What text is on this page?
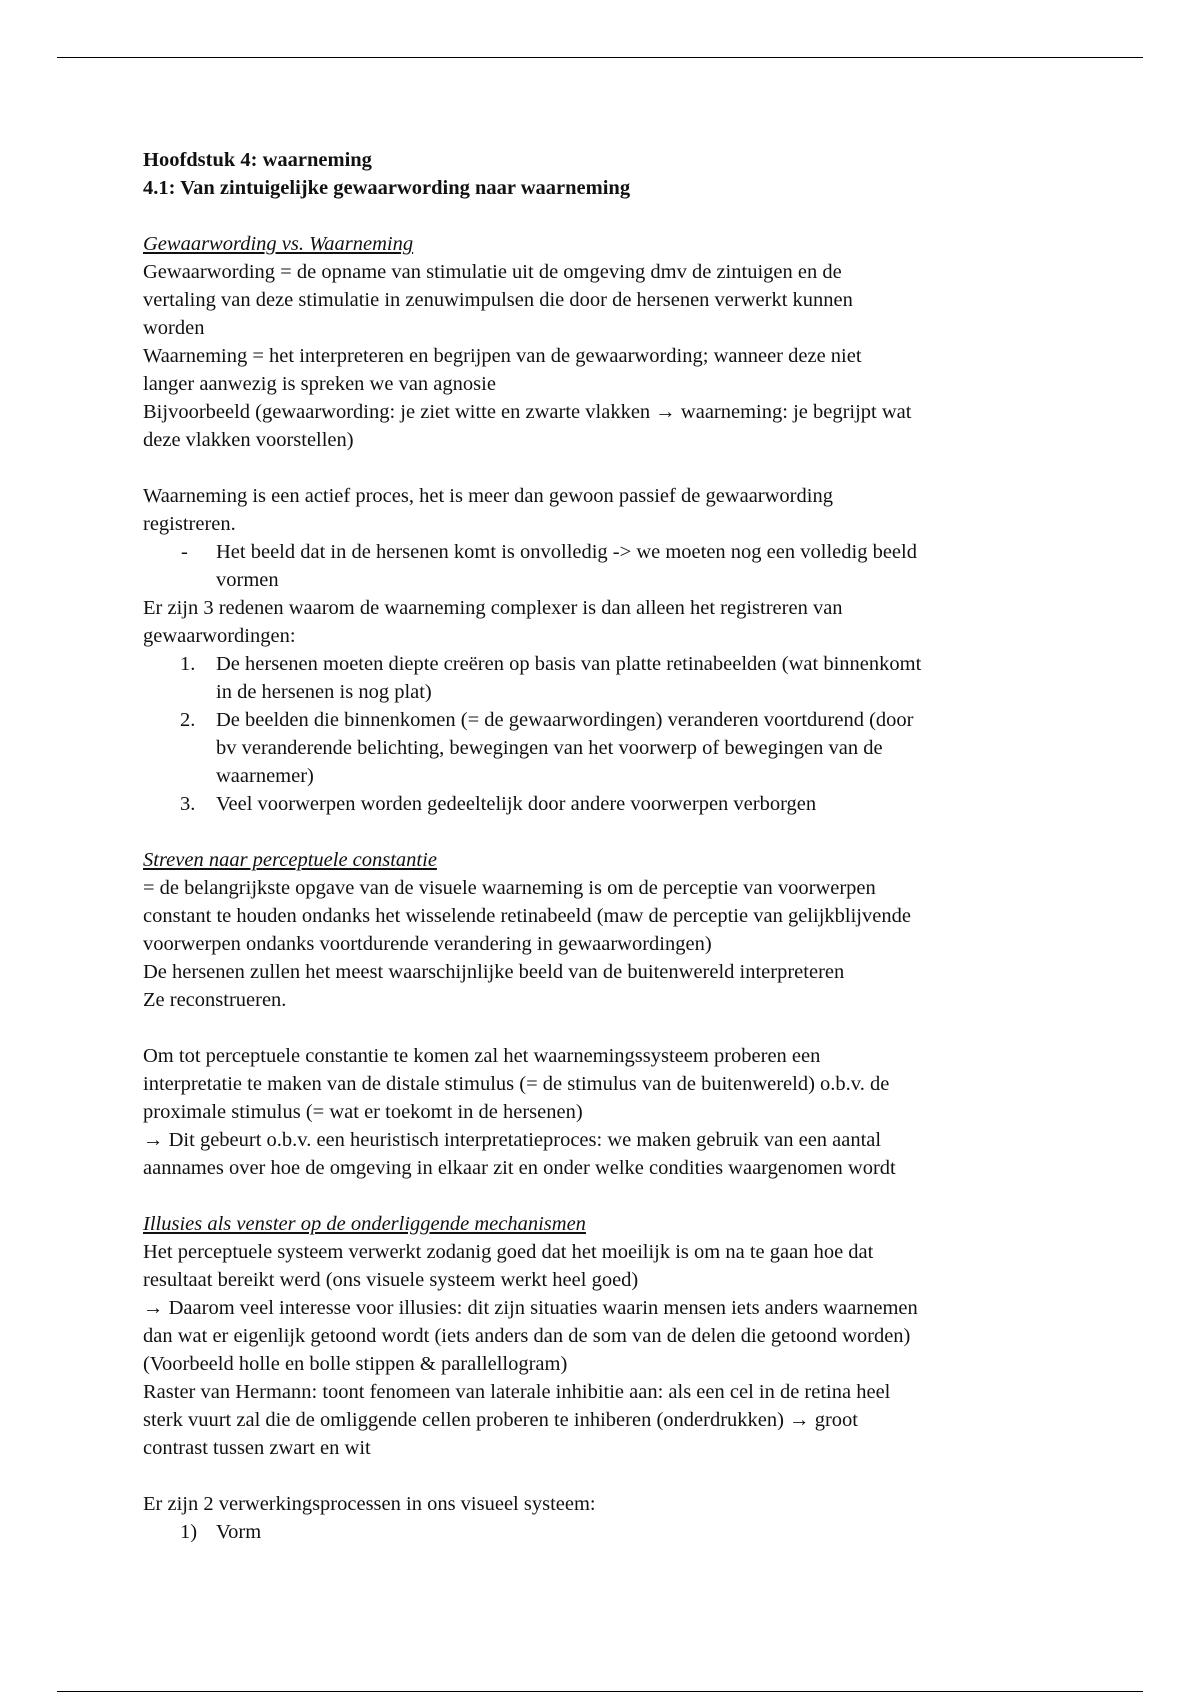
Hoofdstuk 4: waarneming

4.1: Van zintuigelijke gewaarwording naar waarneming

Gewaarwording vs. Waarneming

Gewaarwording = de opname van stimulatie uit de omgeving dmv de zintuigen en de

vertaling van deze stimulatie in zenuwimpulsen die door de hersenen verwerkt kunnen

worden

Waarneming = het interpreteren en begrijpen van de gewaarwording; wanneer deze niet

langer aanwezig is spreken we van agnosie

Bijvoorbeeld (gewaarwording: je ziet witte en zwarte vlakken → waarneming: je begrijpt wat

deze vlakken voorstellen)

Waarneming is een actief proces, het is meer dan gewoon passief de gewaarwording

registreren.

- Het beeld dat in de hersenen komt is onvolledig -> we moeten nog een volledig beeld

vormen

Er zijn 3 redenen waarom de waarneming complexer is dan alleen het registreren van

gewaarwordingen:

1. De hersenen moeten diepte creëren op basis van platte retinabeelden (wat binnenkomt

in de hersenen is nog plat)

2. De beelden die binnenkomen (= de gewaarwordingen) veranderen voortdurend (door

bv veranderende belichting, bewegingen van het voorwerp of bewegingen van de

waarnemer)

3. Veel voorwerpen worden gedeeltelijk door andere voorwerpen verborgen

Streven naar perceptuele constantie

= de belangrijkste opgave van de visuele waarneming is om de perceptie van voorwerpen

constant te houden ondanks het wisselende retinabeeld (maw de perceptie van gelijkblijvende

voorwerpen ondanks voortdurende verandering in gewaarwordingen)

De hersenen zullen het meest waarschijnlijke beeld van de buitenwereld interpreteren

Ze reconstrueren.

Om tot perceptuele constantie te komen zal het waarnemingssysteem proberen een

interpretatie te maken van de distale stimulus (= de stimulus van de buitenwereld) o.b.v. de

proximale stimulus (= wat er toekomt in de hersenen)

→ Dit gebeurt o.b.v. een heuristisch interpretatieproces: we maken gebruik van een aantal

aannames over hoe de omgeving in elkaar zit en onder welke condities waargenomen wordt

Illusies als venster op de onderliggende mechanismen

Het perceptuele systeem verwerkt zodanig goed dat het moeilijk is om na te gaan hoe dat

resultaat bereikt werd (ons visuele systeem werkt heel goed)

→ Daarom veel interesse voor illusies: dit zijn situaties waarin mensen iets anders waarnemen

dan wat er eigenlijk getoond wordt (iets anders dan de som van de delen die getoond worden)

(Voorbeeld holle en bolle stippen & parallellogram)

Raster van Hermann: toont fenomeen van laterale inhibitie aan: als een cel in de retina heel

sterk vuurt zal die de omliggende cellen proberen te inhiberen (onderdrukken) → groot

contrast tussen zwart en wit

Er zijn 2 verwerkingsprocessen in ons visueel systeem:

1) Vorm
